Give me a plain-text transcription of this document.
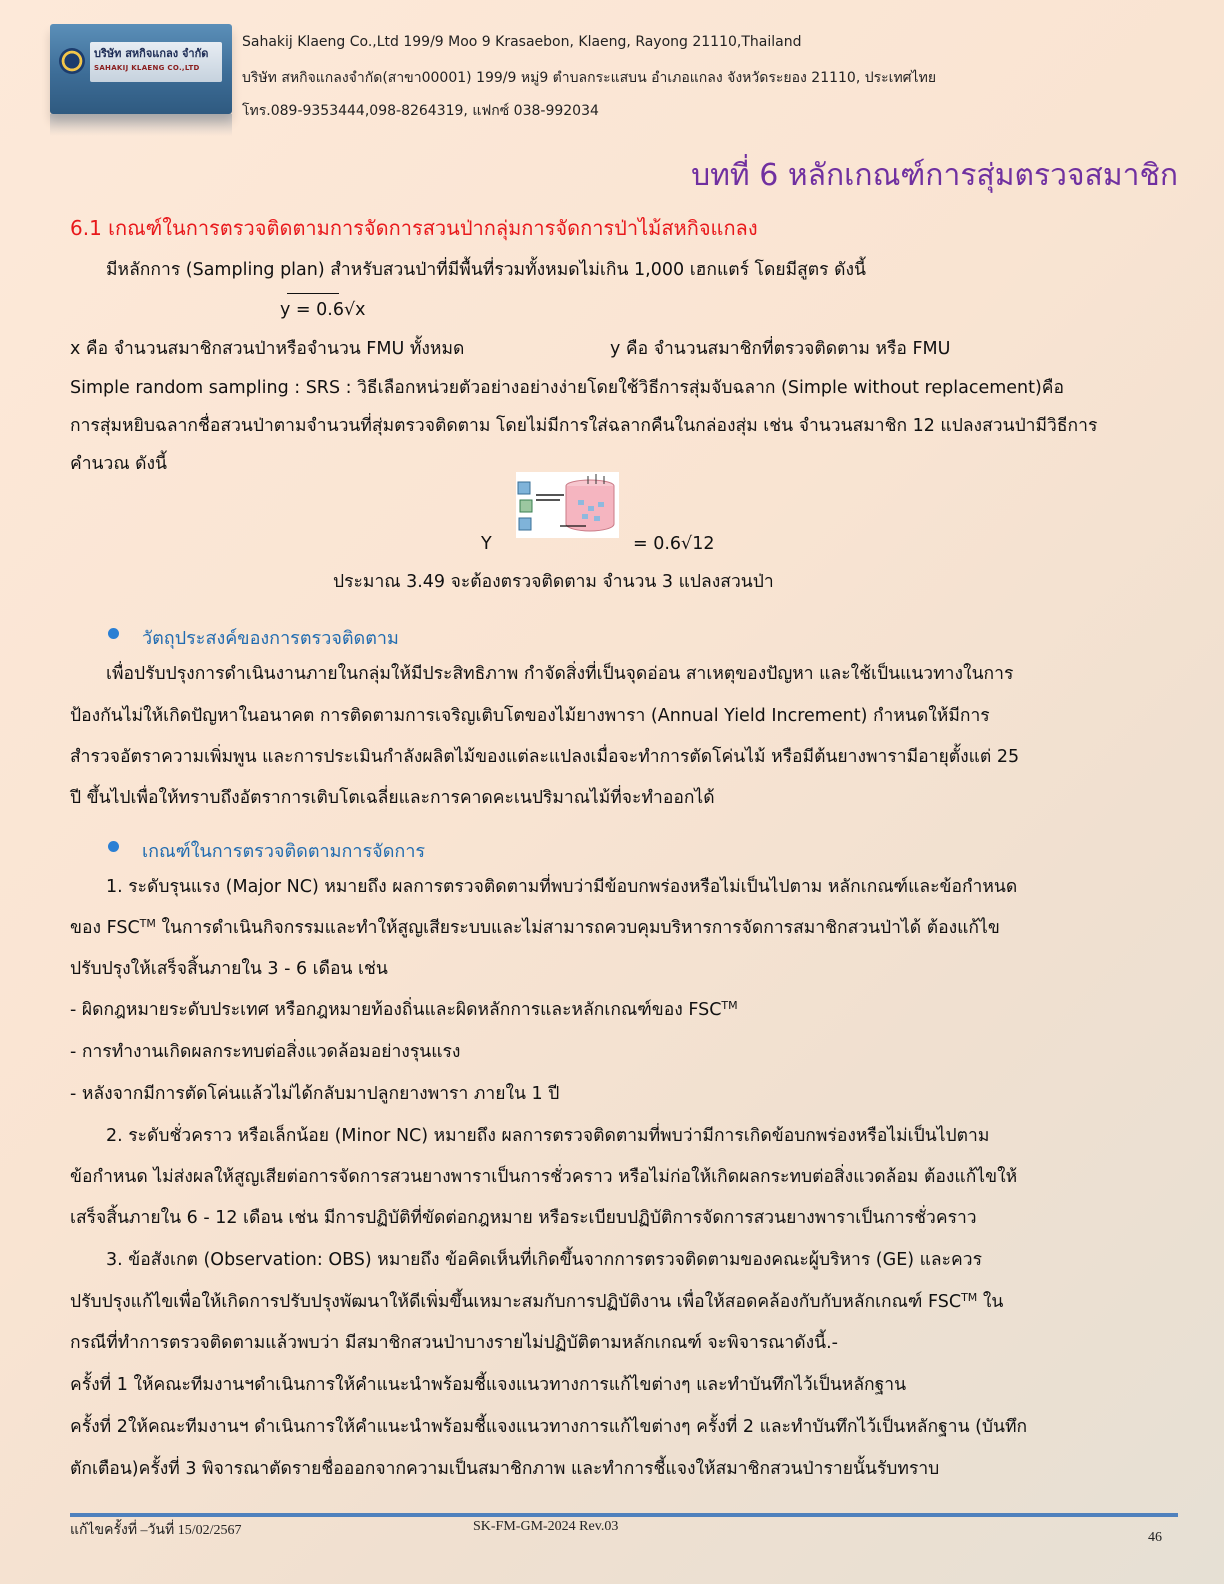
บริษัท สหกิจแกลง จำกัด
SAHAKIJ KLAENG CO.,LTD
Sahakij Klaeng Co.,Ltd 199/9 Moo 9 Krasaebon, Klaeng, Rayong 21110,Thailand
บริษัท สหกิจแกลงจำกัด(สาขา00001) 199/9 หมู่9 ตำบลกระแสบน อำเภอแกลง จังหวัดระยอง 21110, ประเทศไทย
โทร.089-9353444,098-8264319, แฟกซ์ 038-992034
บทที่ 6 หลักเกณฑ์การสุ่มตรวจสมาชิก
6.1 เกณฑ์ในการตรวจติดตามการจัดการสวนป่ากลุ่มการจัดการป่าไม้สหกิจแกลง
มีหลักการ (Sampling plan) สำหรับสวนป่าที่มีพื้นที่รวมทั้งหมดไม่เกิน 1,000 เฮกแตร์ โดยมีสูตร ดังนี้
y = 0.6√x
x คือ จำนวนสมาชิกสวนป่าหรือจำนวน FMU ทั้งหมด	y คือ จำนวนสมาชิกที่ตรวจติดตาม หรือ FMU
Simple random sampling : SRS : วิธีเลือกหน่วยตัวอย่างอย่างง่ายโดยใช้วิธีการสุ่มจับฉลาก (Simple without replacement)คือ
การสุ่มหยิบฉลากชื่อสวนป่าตามจำนวนที่สุ่มตรวจติดตาม โดยไม่มีการใส่ฉลากคืนในกล่องสุ่ม เช่น จำนวนสมาชิก 12 แปลงสวนป่ามีวิธีการ
คำนวณ ดังนี้
Y	= 0.6√12
ประมาณ 3.49 จะต้องตรวจติดตาม จำนวน 3 แปลงสวนป่า
วัตถุประสงค์ของการตรวจติดตาม
เพื่อปรับปรุงการดำเนินงานภายในกลุ่มให้มีประสิทธิภาพ กำจัดสิ่งที่เป็นจุดอ่อน สาเหตุของปัญหา และใช้เป็นแนวทางในการ
ป้องกันไม่ให้เกิดปัญหาในอนาคต การติดตามการเจริญเติบโตของไม้ยางพารา (Annual Yield Increment) กำหนดให้มีการ
สำรวจอัตราความเพิ่มพูน และการประเมินกำลังผลิตไม้ของแต่ละแปลงเมื่อจะทำการตัดโค่นไม้ หรือมีต้นยางพารามีอายุตั้งแต่ 25
ปี ขึ้นไปเพื่อให้ทราบถึงอัตราการเติบโตเฉลี่ยและการคาดคะเนปริมาณไม้ที่จะทำออกได้
เกณฑ์ในการตรวจติดตามการจัดการ
1. ระดับรุนแรง (Major NC) หมายถึง ผลการตรวจติดตามที่พบว่ามีข้อบกพร่องหรือไม่เป็นไปตาม หลักเกณฑ์และข้อกำหนด
ของ FSC™ ในการดำเนินกิจกรรมและทำให้สูญเสียระบบและไม่สามารถควบคุมบริหารการจัดการสมาชิกสวนป่าได้ ต้องแก้ไข
ปรับปรุงให้เสร็จสิ้นภายใน 3 - 6 เดือน เช่น
- ผิดกฎหมายระดับประเทศ หรือกฎหมายท้องถิ่นและผิดหลักการและหลักเกณฑ์ของ FSC™
- การทำงานเกิดผลกระทบต่อสิ่งแวดล้อมอย่างรุนแรง
- หลังจากมีการตัดโค่นแล้วไม่ได้กลับมาปลูกยางพารา ภายใน 1 ปี
2. ระดับชั่วคราว หรือเล็กน้อย (Minor NC) หมายถึง ผลการตรวจติดตามที่พบว่ามีการเกิดข้อบกพร่องหรือไม่เป็นไปตาม
ข้อกำหนด ไม่ส่งผลให้สูญเสียต่อการจัดการสวนยางพาราเป็นการชั่วคราว หรือไม่ก่อให้เกิดผลกระทบต่อสิ่งแวดล้อม ต้องแก้ไขให้
เสร็จสิ้นภายใน 6 - 12 เดือน เช่น มีการปฏิบัติที่ขัดต่อกฎหมาย หรือระเบียบปฏิบัติการจัดการสวนยางพาราเป็นการชั่วคราว
3. ข้อสังเกต (Observation: OBS) หมายถึง ข้อคิดเห็นที่เกิดขึ้นจากการตรวจติดตามของคณะผู้บริหาร (GE) และควร
ปรับปรุงแก้ไขเพื่อให้เกิดการปรับปรุงพัฒนาให้ดีเพิ่มขึ้นเหมาะสมกับการปฏิบัติงาน เพื่อให้สอดคล้องกับกับหลักเกณฑ์ FSC™ ใน
กรณีที่ทำการตรวจติดตามแล้วพบว่า มีสมาชิกสวนป่าบางรายไม่ปฏิบัติตามหลักเกณฑ์ จะพิจารณาดังนี้.-
ครั้งที่ 1 ให้คณะทีมงานฯดำเนินการให้คำแนะนำพร้อมชี้แจงแนวทางการแก้ไขต่างๆ และทำบันทึกไว้เป็นหลักฐาน
ครั้งที่ 2ให้คณะทีมงานฯ ดำเนินการให้คำแนะนำพร้อมชี้แจงแนวทางการแก้ไขต่างๆ ครั้งที่ 2 และทำบันทึกไว้เป็นหลักฐาน (บันทึก
ตักเตือน)ครั้งที่ 3 พิจารณาตัดรายชื่อออกจากความเป็นสมาชิกภาพ และทำการชี้แจงให้สมาชิกสวนป่ารายนั้นรับทราบ
แก้ไขครั้งที่ –วันที่ 15/02/2567	SK-FM-GM-2024 Rev.03
46
